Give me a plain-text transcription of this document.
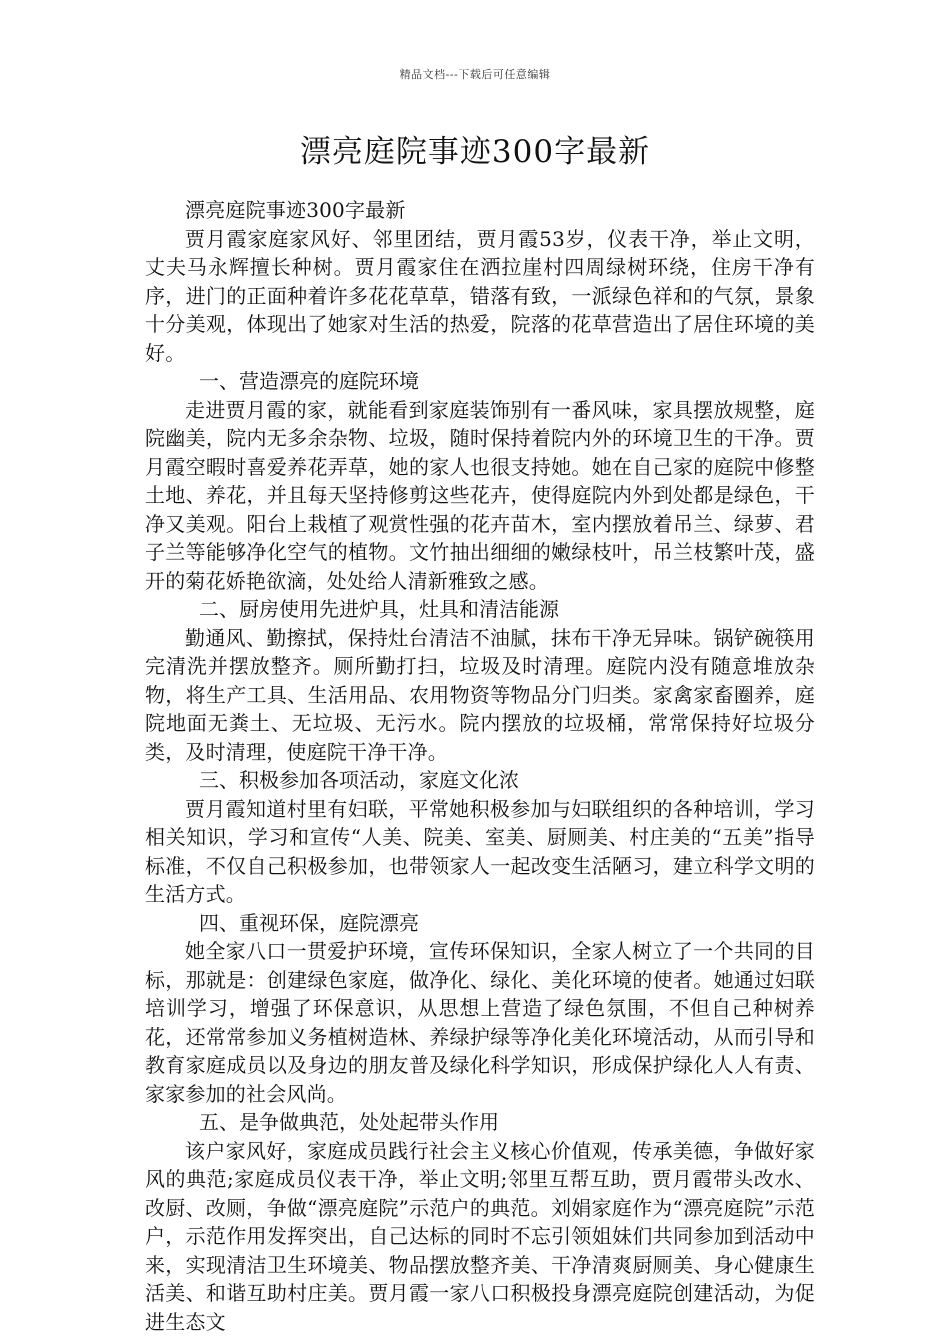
精品文档---下载后可任意编辑
漂亮庭院事迹300字最新

漂亮庭院事迹300字最新

贾月霞家庭家风好、邻里团结，贾月霞53岁，仪表干净，举止文明，丈夫马永辉擅长种树。贾月霞家住在洒拉崖村四周绿树环绕，住房干净有序，进门的正面种着许多花花草草，错落有致，一派绿色祥和的气氛，景象十分美观，体现出了她家对生活的热爱，院落的花草营造出了居住环境的美好。

一、营造漂亮的庭院环境

走进贾月霞的家，就能看到家庭装饰别有一番风味，家具摆放规整，庭院幽美，院内无多余杂物、垃圾，随时保持着院内外的环境卫生的干净。贾月霞空暇时喜爱养花弄草，她的家人也很支持她。她在自己家的庭院中修整土地、养花，并且每天坚持修剪这些花卉，使得庭院内外到处都是绿色，干净又美观。阳台上栽植了观赏性强的花卉苗木，室内摆放着吊兰、绿萝、君子兰等能够净化空气的植物。文竹抽出细细的嫩绿枝叶，吊兰枝繁叶茂，盛开的菊花娇艳欲滴，处处给人清新雅致之感。

二、厨房使用先进炉具，灶具和清洁能源

勤通风、勤擦拭，保持灶台清洁不油腻，抹布干净无异味。锅铲碗筷用完清洗并摆放整齐。厕所勤打扫，垃圾及时清理。庭院内没有随意堆放杂物，将生产工具、生活用品、农用物资等物品分门归类。家禽家畜圈养，庭院地面无粪土、无垃圾、无污水。院内摆放的垃圾桶，常常保持好垃圾分类，及时清理，使庭院干净干净。

三、积极参加各项活动，家庭文化浓

贾月霞知道村里有妇联，平常她积极参加与妇联组织的各种培训，学习相关知识，学习和宣传“人美、院美、室美、厨厕美、村庄美的“五美”指导标准，不仅自己积极参加，也带领家人一起改变生活陋习，建立科学文明的生活方式。

四、重视环保，庭院漂亮

她全家八口一贯爱护环境，宣传环保知识，全家人树立了一个共同的目标，那就是：创建绿色家庭，做净化、绿化、美化环境的使者。她通过妇联培训学习，增强了环保意识，从思想上营造了绿色氛围，不但自己种树养花，还常常参加义务植树造林、养绿护绿等净化美化环境活动，从而引导和教育家庭成员以及身边的朋友普及绿化科学知识，形成保护绿化人人有责、家家参加的社会风尚。

五、是争做典范，处处起带头作用

该户家风好，家庭成员践行社会主义核心价值观，传承美德，争做好家风的典范;家庭成员仪表干净，举止文明;邻里互帮互助，贾月霞带头改水、改厨、改厕，争做“漂亮庭院”示范户的典范。刘娟家庭作为“漂亮庭院”示范户，示范作用发挥突出，自己达标的同时不忘引领姐妹们共同参加到活动中来，实现清洁卫生环境美、物品摆放整齐美、干净清爽厨厕美、身心健康生活美、和谐互助村庄美。贾月霞一家八口积极投身漂亮庭院创建活动，为促进生态文
